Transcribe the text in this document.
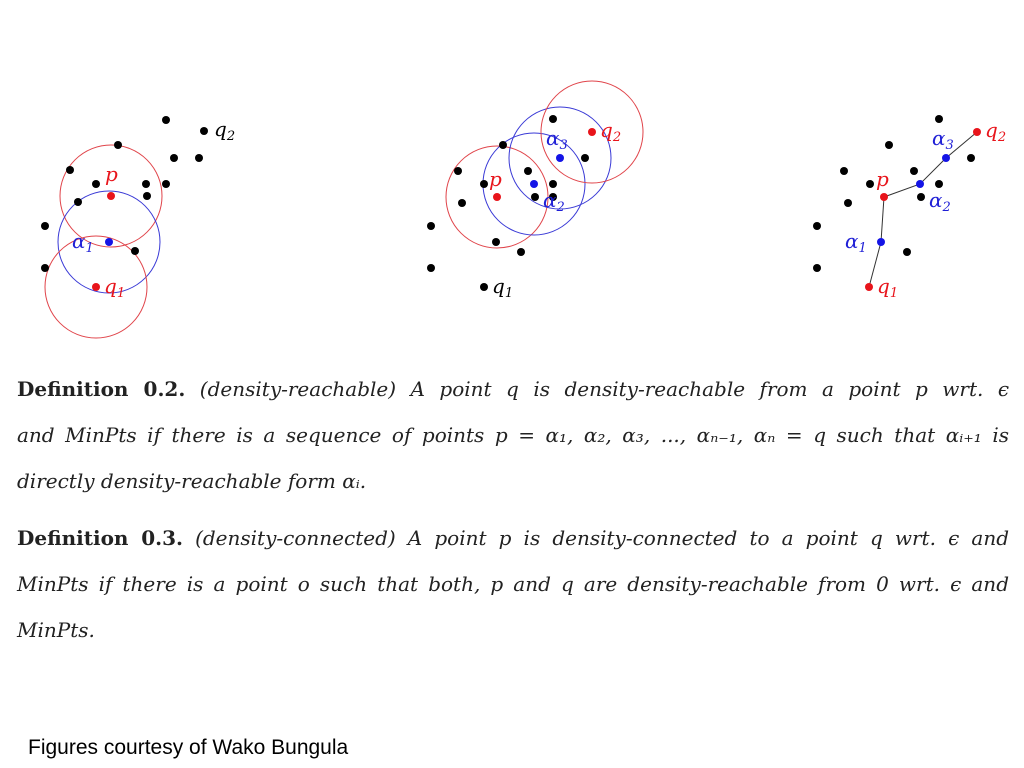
p
$\alpha_1$
$q_1$
$q_2$
p
$\alpha_2$
$\alpha_3$
$q_2$
$q_1$
p
$\alpha_1$
$\alpha_2$
$\alpha_3$
$q_2$
$q_1$
Definition 0.2. (density-reachable) A point q is density-reachable from a point p wrt. ϵ
and MinPts if there is a sequence of points p = α₁, α₂, α₃, ..., αₙ₋₁, αₙ = q such that αᵢ₊₁ is
directly density-reachable form αᵢ.
Definition 0.3. (density-connected) A point p is density-connected to a point q wrt. ϵ and
MinPts if there is a point o such that both, p and q are density-reachable from 0 wrt. ϵ and
MinPts.
Figures courtesy of Wako Bungula
